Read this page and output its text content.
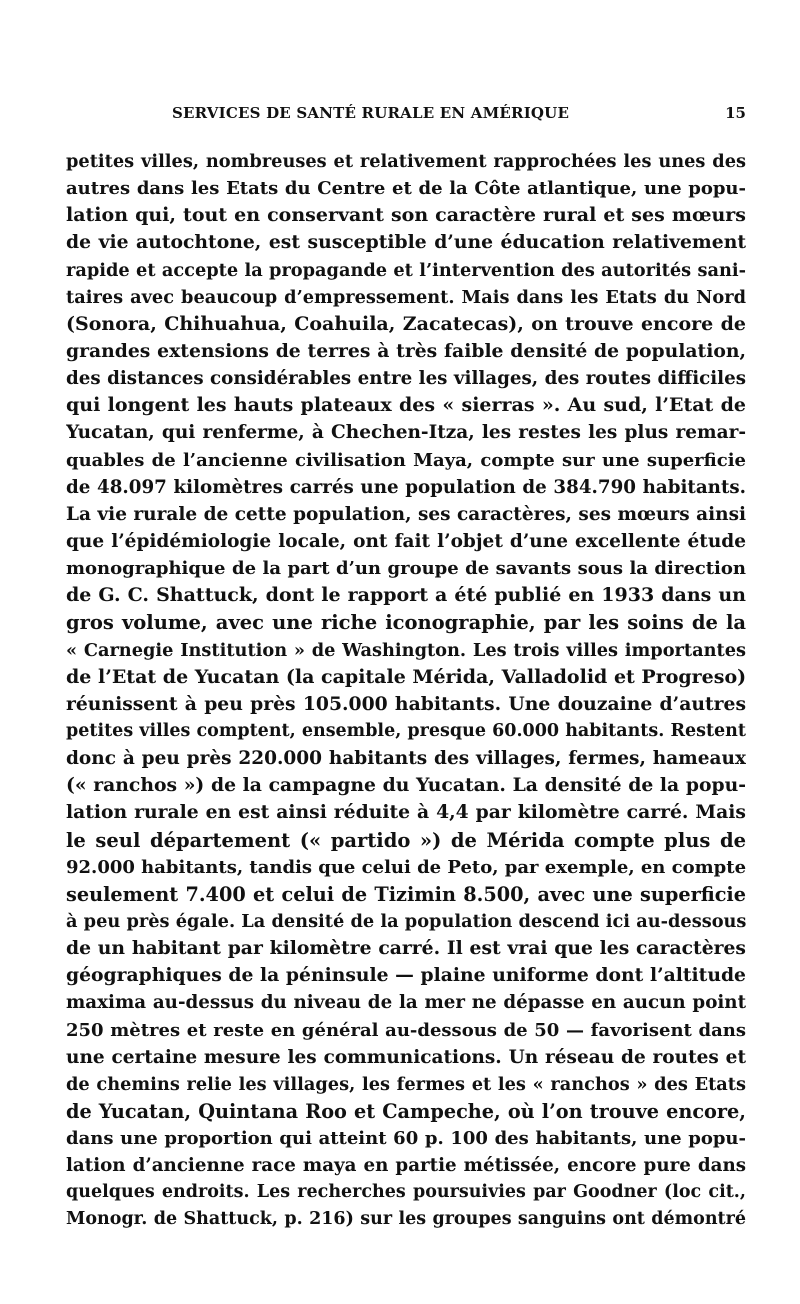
SERVICES DE SANTÉ RURALE EN AMÉRIQUE	15
petites villes, nombreuses et relativement rapprochées les unes des
autres dans les Etats du Centre et de la Côte atlantique, une popu-
lation qui, tout en conservant son caractère rural et ses mœurs
de vie autochtone, est susceptible d’une éducation relativement
rapide et accepte la propagande et l’intervention des autorités sani-
taires avec beaucoup d’empressement. Mais dans les Etats du Nord
(Sonora, Chihuahua, Coahuila, Zacatecas), on trouve encore de
grandes extensions de terres à très faible densité de population,
des distances considérables entre les villages, des routes difficiles
qui longent les hauts plateaux des « sierras ». Au sud, l’Etat de
Yucatan, qui renferme, à Chechen-Itza, les restes les plus remar-
quables de l’ancienne civilisation Maya, compte sur une superficie
de 48.097 kilomètres carrés une population de 384.790 habitants.
La vie rurale de cette population, ses caractères, ses mœurs ainsi
que l’épidémiologie locale, ont fait l’objet d’une excellente étude
monographique de la part d’un groupe de savants sous la direction
de G. C. Shattuck, dont le rapport a été publié en 1933 dans un
gros volume, avec une riche iconographie, par les soins de la
« Carnegie Institution » de Washington. Les trois villes importantes
de l’Etat de Yucatan (la capitale Mérida, Valladolid et Progreso)
réunissent à peu près 105.000 habitants. Une douzaine d’autres
petites villes comptent, ensemble, presque 60.000 habitants. Restent
donc à peu près 220.000 habitants des villages, fermes, hameaux
(« ranchos ») de la campagne du Yucatan. La densité de la popu-
lation rurale en est ainsi réduite à 4,4 par kilomètre carré. Mais
le seul département (« partido ») de Mérida compte plus de
92.000 habitants, tandis que celui de Peto, par exemple, en compte
seulement 7.400 et celui de Tizimin 8.500, avec une superficie
à peu près égale. La densité de la population descend ici au-dessous
de un habitant par kilomètre carré. Il est vrai que les caractères
géographiques de la péninsule — plaine uniforme dont l’altitude
maxima au-dessus du niveau de la mer ne dépasse en aucun point
250 mètres et reste en général au-dessous de 50 — favorisent dans
une certaine mesure les communications. Un réseau de routes et
de chemins relie les villages, les fermes et les « ranchos » des Etats
de Yucatan, Quintana Roo et Campeche, où l’on trouve encore,
dans une proportion qui atteint 60 p. 100 des habitants, une popu-
lation d’ancienne race maya en partie métissée, encore pure dans
quelques endroits. Les recherches poursuivies par Goodner (loc cit.,
Monogr. de Shattuck, p. 216) sur les groupes sanguins ont démontré
